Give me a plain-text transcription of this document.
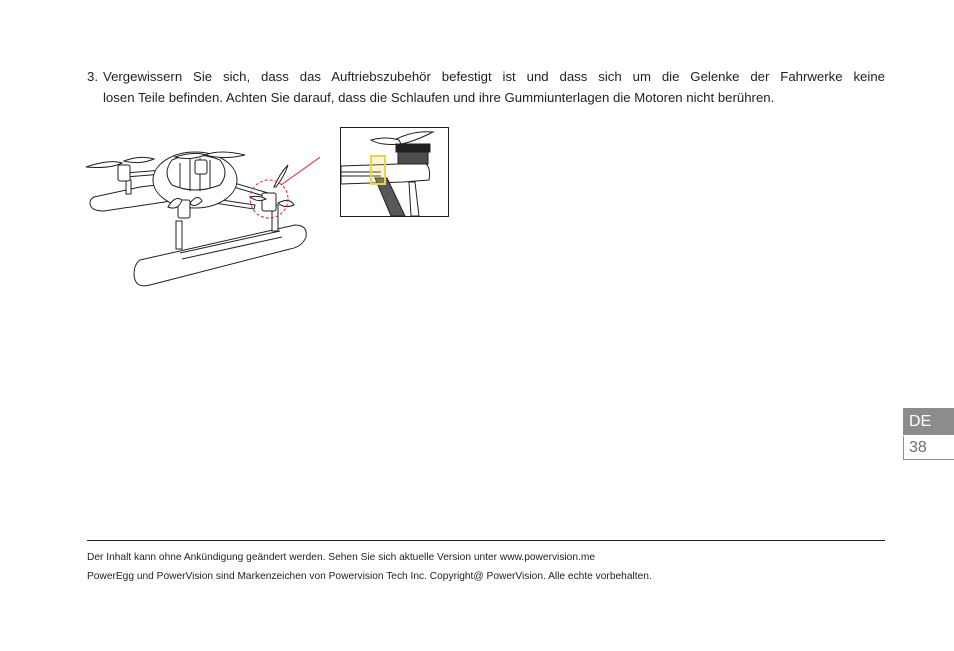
3. Vergewissern Sie sich, dass das Auftriebszubehör befestigt ist und dass sich um die Gelenke der Fahrwerke keine
losen Teile befinden. Achten Sie darauf, dass die Schlaufen und ihre Gummiunterlagen die Motoren nicht berühren.
DE
38
Der Inhalt kann ohne Ankündigung geändert werden. Sehen Sie sich aktuelle Version unter www.powervision.me
PowerEgg und PowerVision sind Markenzeichen von Powervision Tech Inc. Copyright@ PowerVision. Alle echte vorbehalten.
